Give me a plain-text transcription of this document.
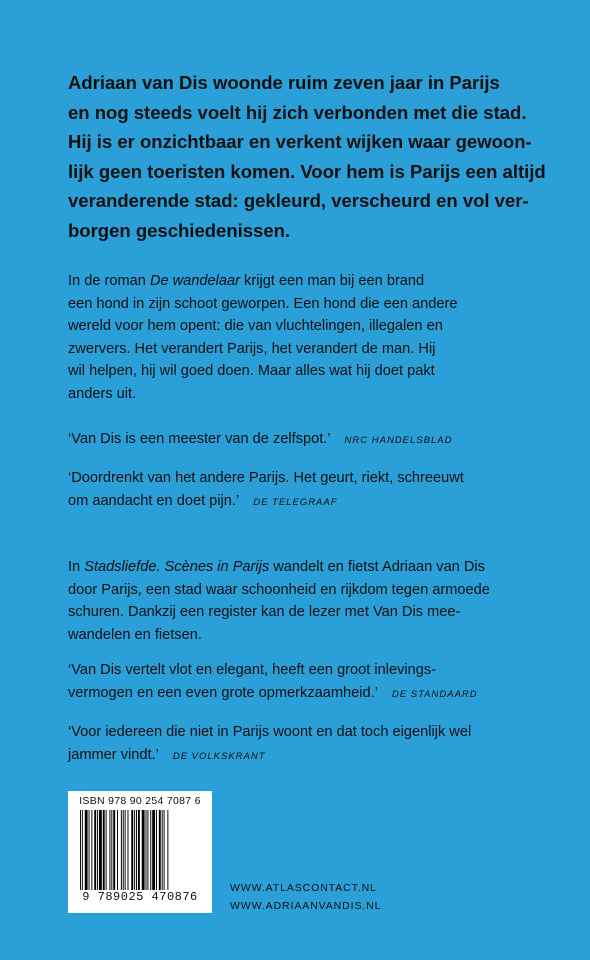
Adriaan van Dis woonde ruim zeven jaar in Parijs
en nog steeds voelt hij zich verbonden met die stad.
Hij is er onzichtbaar en verkent wijken waar gewoon-
lijk geen toeristen komen. Voor hem is Parijs een altijd
veranderende stad: gekleurd, verscheurd en vol ver-
borgen geschiedenissen.

In de roman De wandelaar krijgt een man bij een brand
een hond in zijn schoot geworpen. Een hond die een andere
wereld voor hem opent: die van vluchtelingen, illegalen en
zwervers. Het verandert Parijs, het verandert de man. Hij
wil helpen, hij wil goed doen. Maar alles wat hij doet pakt
anders uit.

‘Van Dis is een meester van de zelfspot.’ NRC HANDELSBLAD

‘Doordrenkt van het andere Parijs. Het geurt, riekt, schreeuwt
om aandacht en doet pijn.’ DE TELEGRAAF

In Stadsliefde. Scènes in Parijs wandelt en fietst Adriaan van Dis
door Parijs, een stad waar schoonheid en rijkdom tegen armoede
schuren. Dankzij een register kan de lezer met Van Dis mee-
wandelen en fietsen.

‘Van Dis vertelt vlot en elegant, heeft een groot inlevings-
vermogen en een even grote opmerkzaamheid.’ DE STANDAARD

‘Voor iedereen die niet in Parijs woont en dat toch eigenlijk wel
jammer vindt.’ DE VOLKSKRANT

ISBN 978 90 254 7087 6

9 789025 470876

WWW.ATLASCONTACT.NL
WWW.ADRIAANVANDIS.NL
